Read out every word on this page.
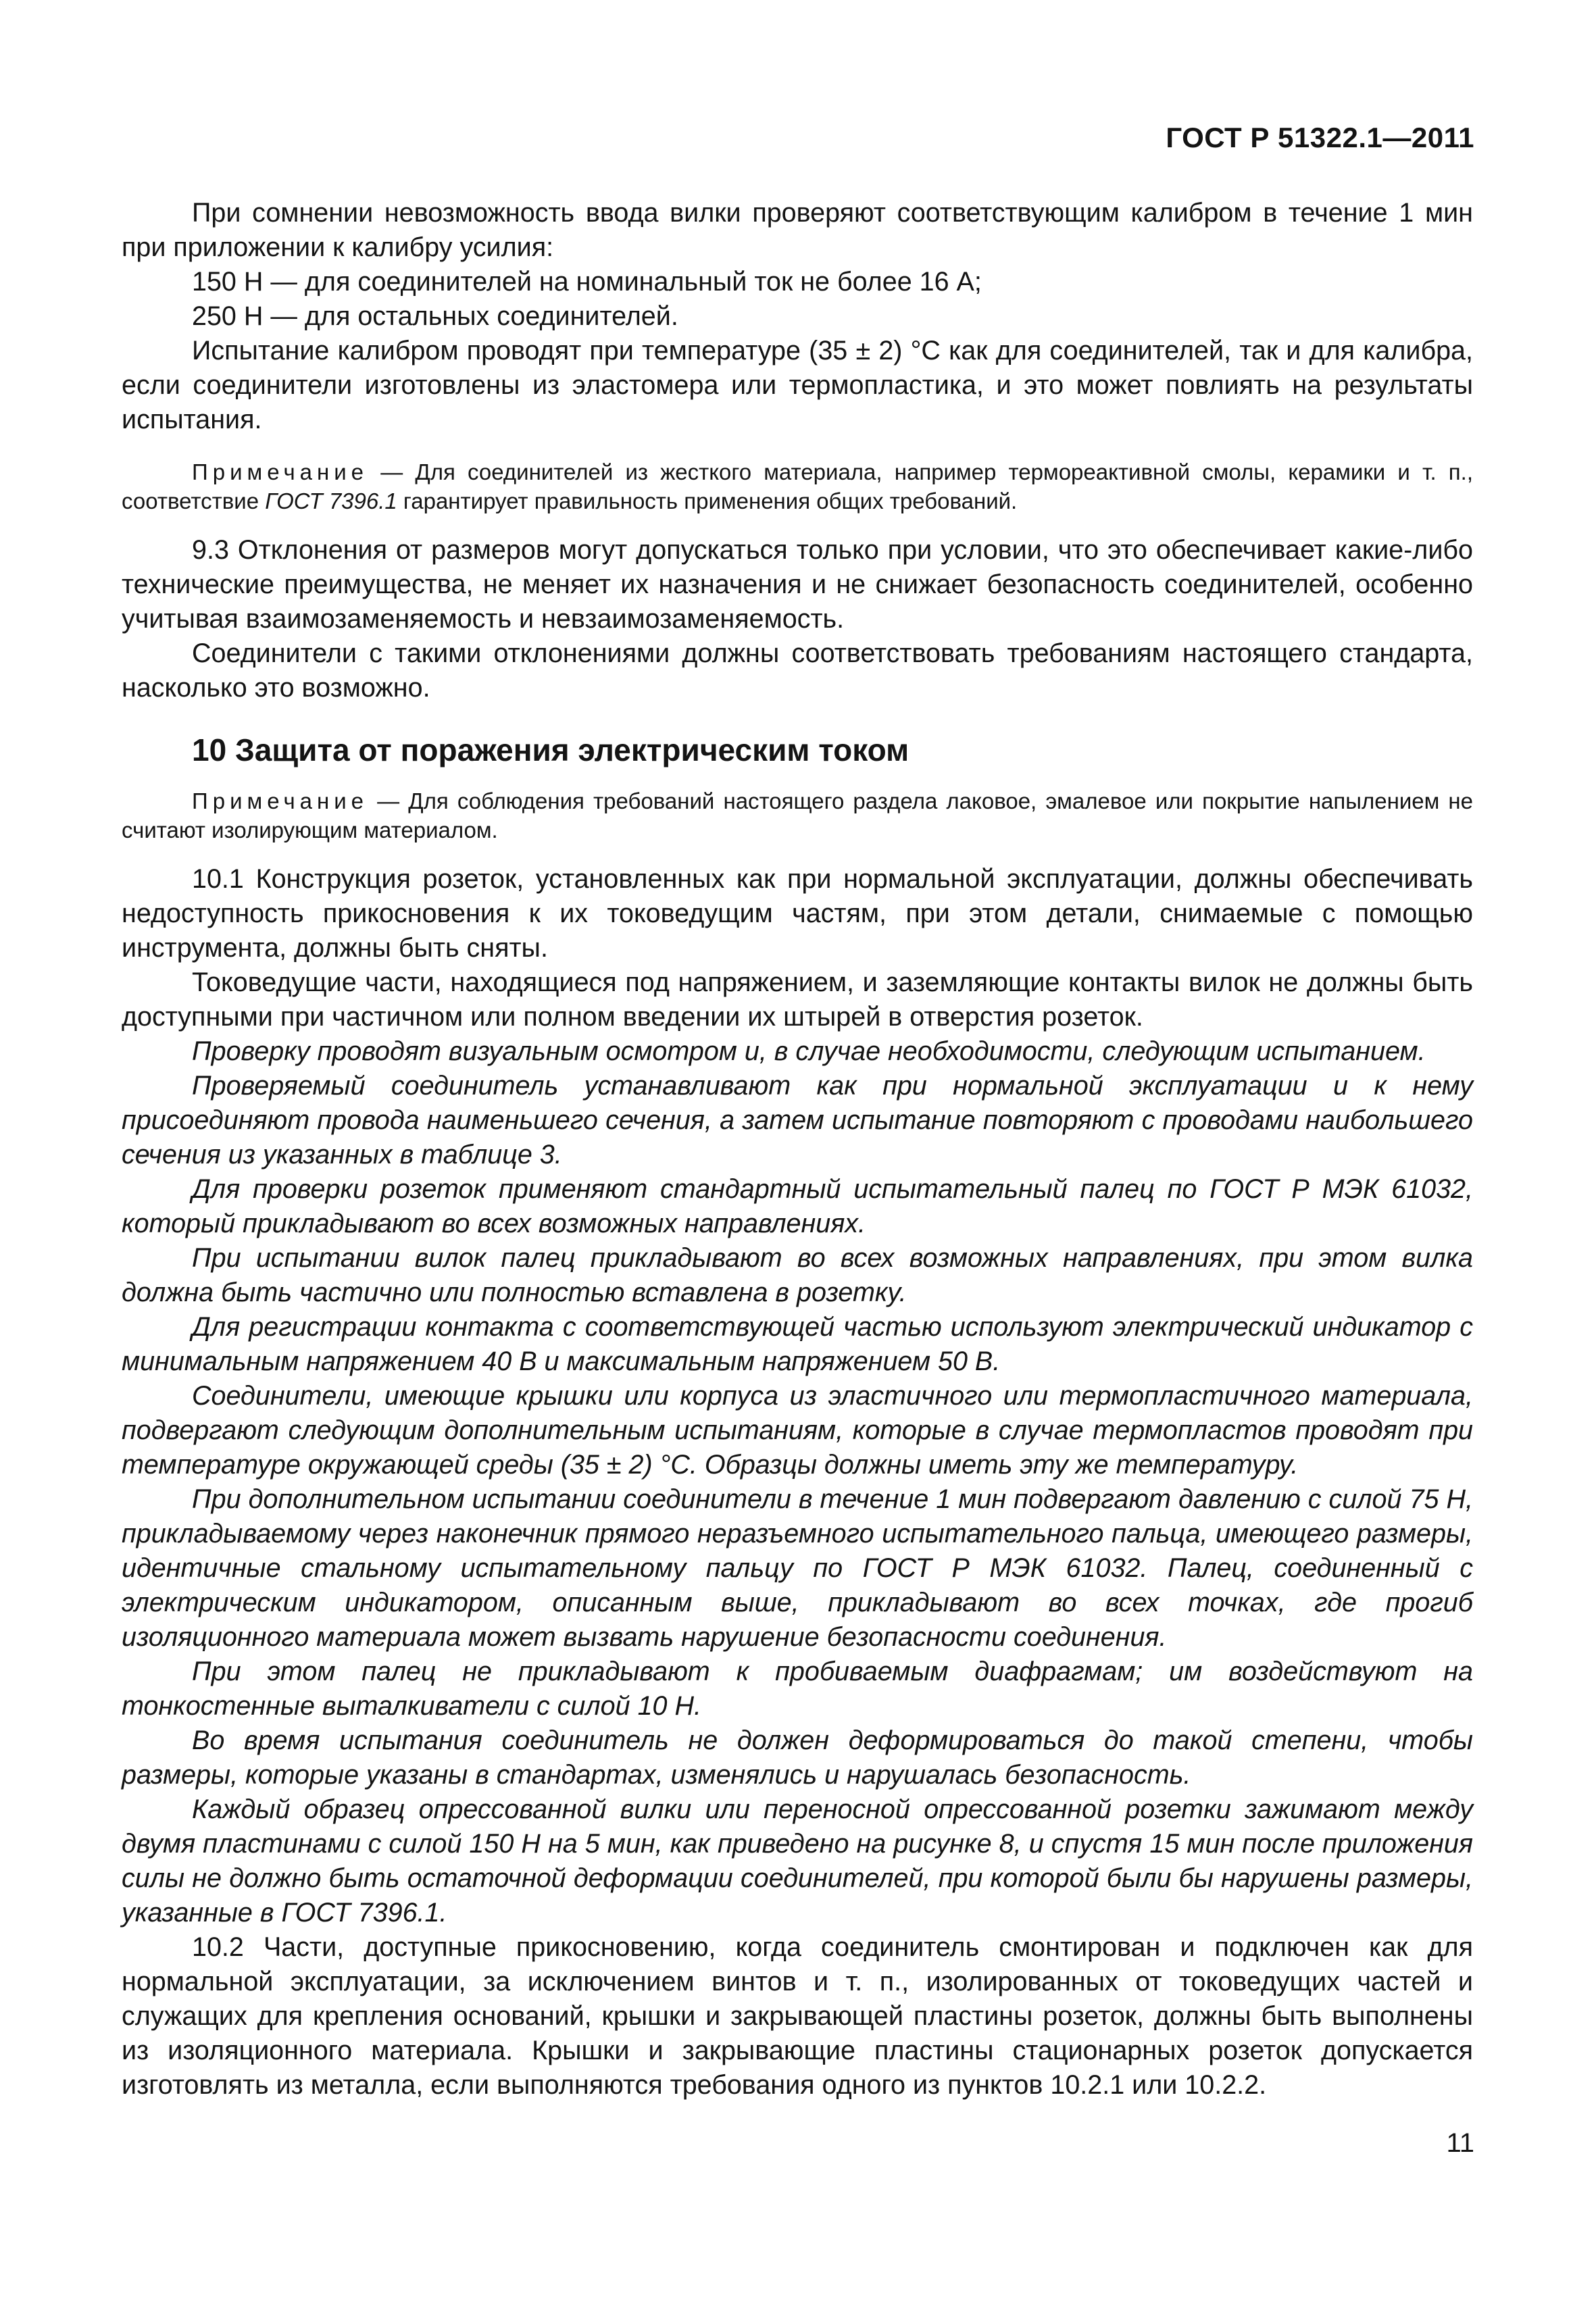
ГОСТ Р 51322.1—2011

При сомнении невозможность ввода вилки проверяют соответствующим калибром в течение 1 мин при приложении к калибру усилия:

150 Н — для соединителей на номинальный ток не более 16 А;

250 Н — для остальных соединителей.

Испытание калибром проводят при температуре (35 ± 2) °С как для соединителей, так и для калибра, если соединители изготовлены из эластомера или термопластика, и это может повлиять на результаты испытания.

Примечание — Для соединителей из жесткого материала, например термореактивной смолы, керамики и т. п., соответствие ГОСТ 7396.1 гарантирует правильность применения общих требований.

9.3 Отклонения от размеров могут допускаться только при условии, что это обеспечивает какие-либо технические преимущества, не меняет их назначения и не снижает безопасность соединителей, особенно учитывая взаимозаменяемость и невзаимозаменяемость.

Соединители с такими отклонениями должны соответствовать требованиям настоящего стандарта, насколько это возможно.

10 Защита от поражения электрическим током

Примечание — Для соблюдения требований настоящего раздела лаковое, эмалевое или покрытие напылением не считают изолирующим материалом.

10.1 Конструкция розеток, установленных как при нормальной эксплуатации, должны обеспечивать недоступность прикосновения к их токоведущим частям, при этом детали, снимаемые с помощью инструмента, должны быть сняты.

Токоведущие части, находящиеся под напряжением, и заземляющие контакты вилок не должны быть доступными при частичном или полном введении их штырей в отверстия розеток.

Проверку проводят визуальным осмотром и, в случае необходимости, следующим испытанием.

Проверяемый соединитель устанавливают как при нормальной эксплуатации и к нему присоединяют провода наименьшего сечения, а затем испытание повторяют с проводами наибольшего сечения из указанных в таблице 3.

Для проверки розеток применяют стандартный испытательный палец по ГОСТ Р МЭК 61032, который прикладывают во всех возможных направлениях.

При испытании вилок палец прикладывают во всех возможных направлениях, при этом вилка должна быть частично или полностью вставлена в розетку.

Для регистрации контакта с соответствующей частью используют электрический индикатор с минимальным напряжением 40 В и максимальным напряжением 50 В.

Соединители, имеющие крышки или корпуса из эластичного или термопластичного материала, подвергают следующим дополнительным испытаниям, которые в случае термопластов проводят при температуре окружающей среды (35 ± 2) °С. Образцы должны иметь эту же температуру.

При дополнительном испытании соединители в течение 1 мин подвергают давлению с силой 75 Н, прикладываемому через наконечник прямого неразъемного испытательного пальца, имеющего размеры, идентичные стальному испытательному пальцу по ГОСТ Р МЭК 61032. Палец, соединенный с электрическим индикатором, описанным выше, прикладывают во всех точках, где прогиб изоляционного материала может вызвать нарушение безопасности соединения.

При этом палец не прикладывают к пробиваемым диафрагмам; им воздействуют на тонкостенные выталкиватели с силой 10 Н.

Во время испытания соединитель не должен деформироваться до такой степени, чтобы размеры, которые указаны в стандартах, изменялись и нарушалась безопасность.

Каждый образец опрессованной вилки или переносной опрессованной розетки зажимают между двумя пластинами с силой 150 Н на 5 мин, как приведено на рисунке 8, и спустя 15 мин после приложения силы не должно быть остаточной деформации соединителей, при которой были бы нарушены размеры, указанные в ГОСТ 7396.1.

10.2 Части, доступные прикосновению, когда соединитель смонтирован и подключен как для нормальной эксплуатации, за исключением винтов и т. п., изолированных от токоведущих частей и служащих для крепления оснований, крышки и закрывающей пластины розеток, должны быть выполнены из изоляционного материала. Крышки и закрывающие пластины стационарных розеток допускается изготовлять из металла, если выполняются требования одного из пунктов 10.2.1 или 10.2.2.

11
